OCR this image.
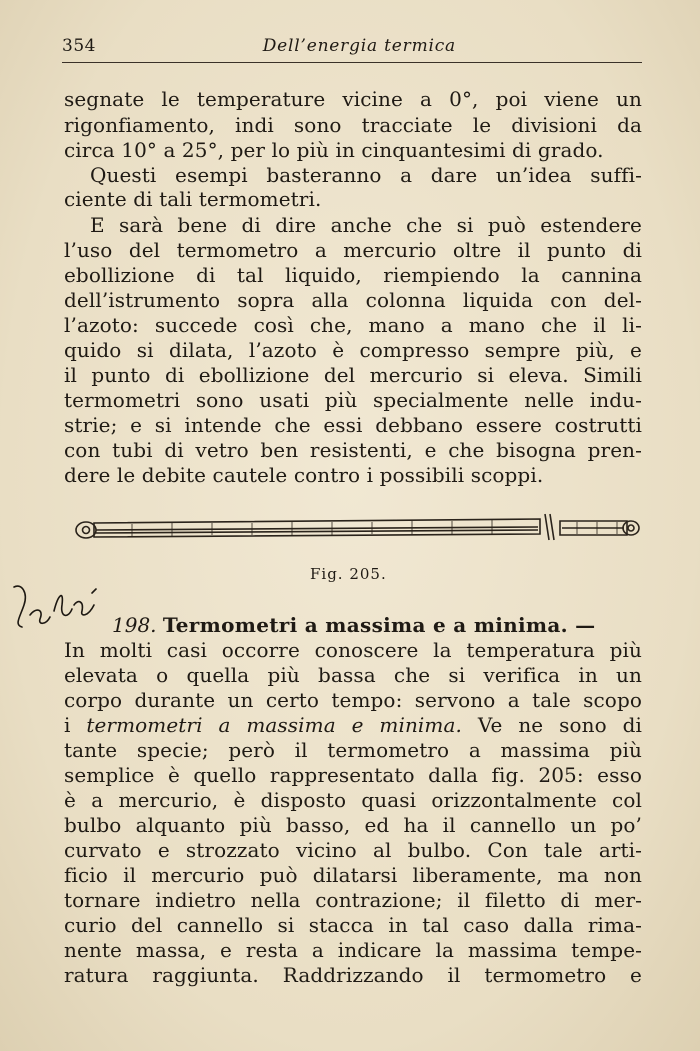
354	Dell’energia termica
segnate le temperature vicine a 0°, poi viene un
rigonfiamento, indi sono tracciate le divisioni da
circa 10° a 25°, per lo più in cinquantesimi di grado.
Questi esempi basteranno a dare un’idea suffi-
ciente di tali termometri.
E sarà bene di dire anche che si può estendere
l’uso del termometro a mercurio oltre il punto di
ebollizione di tal liquido, riempiendo la cannina
dell’istrumento sopra alla colonna liquida con del-
l’azoto: succede così che, mano a mano che il li-
quido si dilata, l’azoto è compresso sempre più, e
il punto di ebollizione del mercurio si eleva. Simili
termometri sono usati più specialmente nelle indu-
strie; e si intende che essi debbano essere costrutti
con tubi di vetro ben resistenti, e che bisogna pren-
dere le debite cautele contro i possibili scoppi.
Fig. 205.
198. Termometri a massima e a minima. —
In molti casi occorre conoscere la temperatura più
elevata o quella più bassa che si verifica in un
corpo durante un certo tempo: servono a tale scopo
i termometri a massima e minima. Ve ne sono di
tante specie; però il termometro a massima più
semplice è quello rappresentato dalla fig. 205: esso
è a mercurio, è disposto quasi orizzontalmente col
bulbo alquanto più basso, ed ha il cannello un po’
curvato e strozzato vicino al bulbo. Con tale arti-
ficio il mercurio può dilatarsi liberamente, ma non
tornare indietro nella contrazione; il filetto di mer-
curio del cannello si stacca in tal caso dalla rima-
nente massa, e resta a indicare la massima tempe-
ratura raggiunta. Raddrizzando il termometro e
